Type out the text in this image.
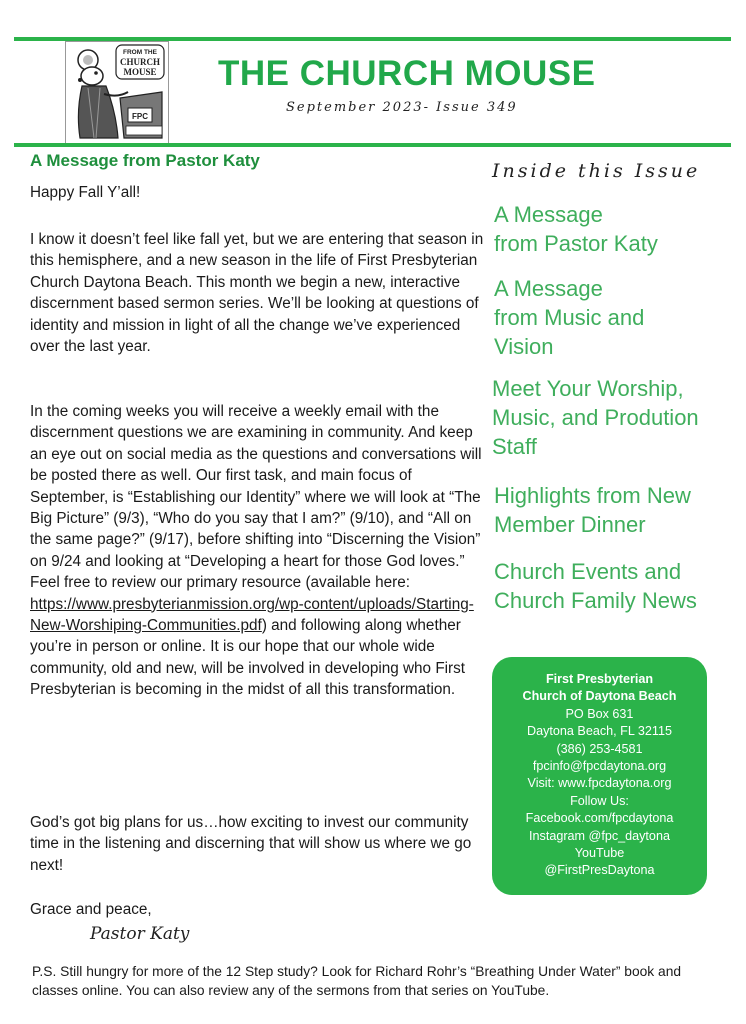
FROM THE
CHURCH
MOUSE
FPC
THE CHURCH MOUSE
September 2023- Issue 349
A Message from Pastor Katy
Happy Fall Y’all!
I know it doesn’t feel like fall yet, but we are entering that season in this hemisphere, and a new season in the life of First Presbyterian Church Daytona Beach. This month we begin a new, interactive discernment based sermon series. We’ll be looking at questions of identity and mission in light of all the change we’ve experienced over the last year.
In the coming weeks you will receive a weekly email with the discernment questions we are examining in community. And keep an eye out on social media as the questions and conversations will be posted there as well. Our first task, and main focus of September, is “Establishing our Identity” where we will look at “The Big Picture” (9/3), “Who do you say that I am?” (9/10), and “All on the same page?” (9/17), before shifting into “Discerning the Vision” on 9/24 and looking at “Developing a heart for those God loves.” Feel free to review our primary resource (available here: https://www.presbyterianmission.org/wp-content/uploads/Starting-New-Worshiping-Communities.pdf) and following along whether you’re in person or online. It is our hope that our whole wide community, old and new, will be involved in developing who First Presbyterian is becoming in the midst of all this transformation.
God’s got big plans for us…how exciting to invest our community time in the listening and discerning that will show us where we go next!
Grace and peace,
Pastor Katy
P.S. Still hungry for more of the 12 Step study? Look for Richard Rohr’s “Breathing Under Water” book and classes online. You can also review any of the sermons from that series on YouTube.
Inside this Issue
A Message
from Pastor Katy
A Message
from Music and
Vision
Meet Your Worship,
Music, and Prodution
Staff
Highlights from New
Member Dinner
Church Events and
Church Family News
First Presbyterian
Church of Daytona Beach
PO Box 631
Daytona Beach, FL 32115
(386) 253-4581
fpcinfo@fpcdaytona.org
Visit: www.fpcdaytona.org
Follow Us:
Facebook.com/fpcdaytona
Instagram @fpc_daytona
YouTube
@FirstPresDaytona
